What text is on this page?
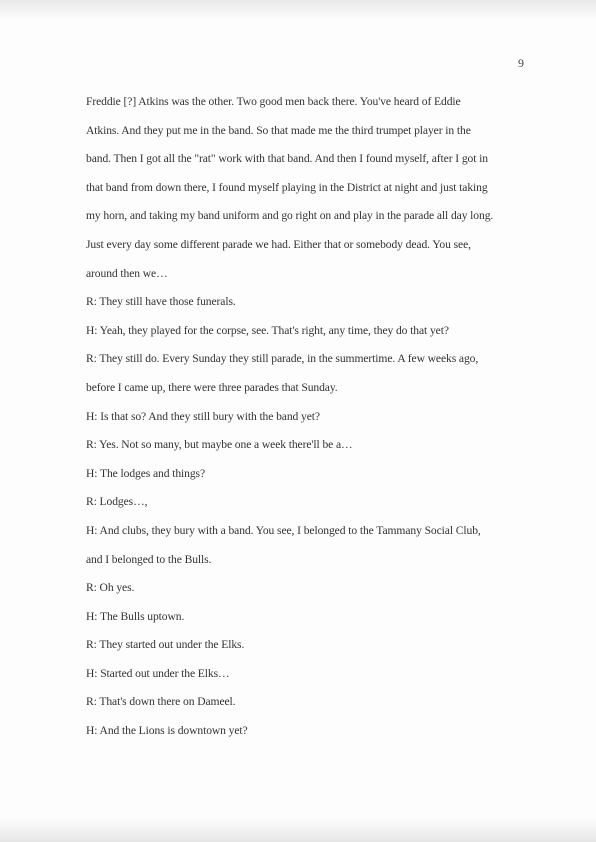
9
Freddie [?] Atkins was the other. Two good men back there. You've heard of Eddie
Atkins. And they put me in the band. So that made me the third trumpet player in the
band. Then I got all the "rat" work with that band. And then I found myself, after I got in
that band from down there, I found myself playing in the District at night and just taking
my horn, and taking my band uniform and go right on and play in the parade all day long.
Just every day some different parade we had. Either that or somebody dead. You see,
around then we…
R: They still have those funerals.
H: Yeah, they played for the corpse, see. That's right, any time, they do that yet?
R: They still do. Every Sunday they still parade, in the summertime. A few weeks ago,
before I came up, there were three parades that Sunday.
H: Is that so? And they still bury with the band yet?
R: Yes. Not so many, but maybe one a week there'll be a…
H: The lodges and things?
R: Lodges…,
H: And clubs, they bury with a band. You see, I belonged to the Tammany Social Club,
and I belonged to the Bulls.
R: Oh yes.
H: The Bulls uptown.
R: They started out under the Elks.
H: Started out under the Elks…
R: That's down there on Dameel.
H: And the Lions is downtown yet?
